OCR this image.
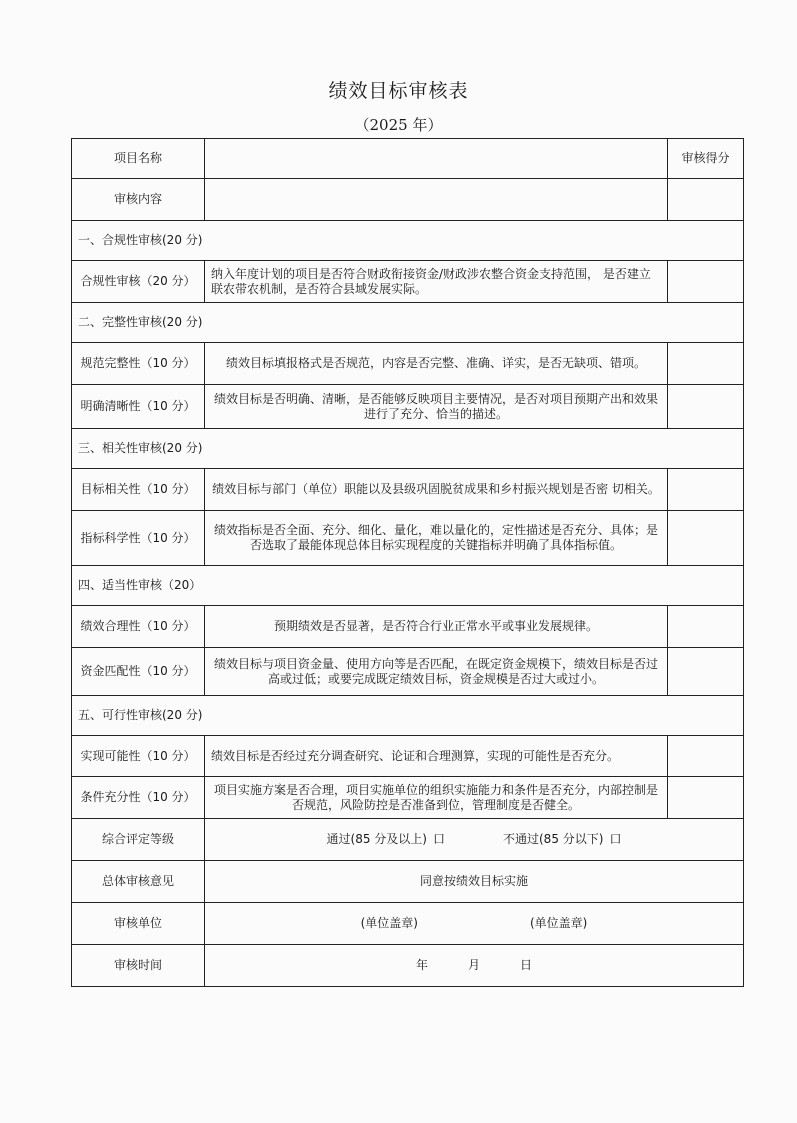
绩效目标审核表
（2025 年）
项目名称		审核得分
审核内容		
一、合规性审核(20 分)		
合规性审核（20 分）	纳入年度计划的项目是否符合财政衔接资金/财政涉农整合资金支持范围， 是否建立联农带农机制，是否符合县域发展实际。	
二、完整性审核(20 分)		
规范完整性（10 分）	绩效目标填报格式是否规范，内容是否完整、准确、详实，是否无缺项、错项。	
明确清晰性（10 分）	绩效目标是否明确、清晰，是否能够反映项目主要情况，是否对项目预期产出和效果进行了充分、恰当的描述。	
三、相关性审核(20 分)		
目标相关性（10 分）	绩效目标与部门（单位）职能以及县级巩固脱贫成果和乡村振兴规划是否密 切相关。	
指标科学性（10 分）	绩效指标是否全面、充分、细化、量化，难以量化的，定性描述是否充分、具体；是否选取了最能体现总体目标实现程度的关键指标并明确了具体指标值。	
四、适当性审核（20）		
绩效合理性（10 分）	预期绩效是否显著，是否符合行业正常水平或事业发展规律。	
资金匹配性（10 分）	绩效目标与项目资金量、使用方向等是否匹配，在既定资金规模下，绩效目标是否过高或过低；或要完成既定绩效目标，资金规模是否过大或过小。	
五、可行性审核(20 分)		
实现可能性（10 分）	绩效目标是否经过充分调查研究、论证和合理测算，实现的可能性是否充分。	
条件充分性（10 分）	项目实施方案是否合理，项目实施单位的组织实施能力和条件是否充分，内部控制是否规范，风险防控是否准备到位，管理制度是否健全。	
综合评定等级	通过(85 分及以上) 口 不通过(85 分以下) 口	
总体审核意见	同意按绩效目标实施	
审核单位	(单位盖章) (单位盖章)	
审核时间	年 月 日	
